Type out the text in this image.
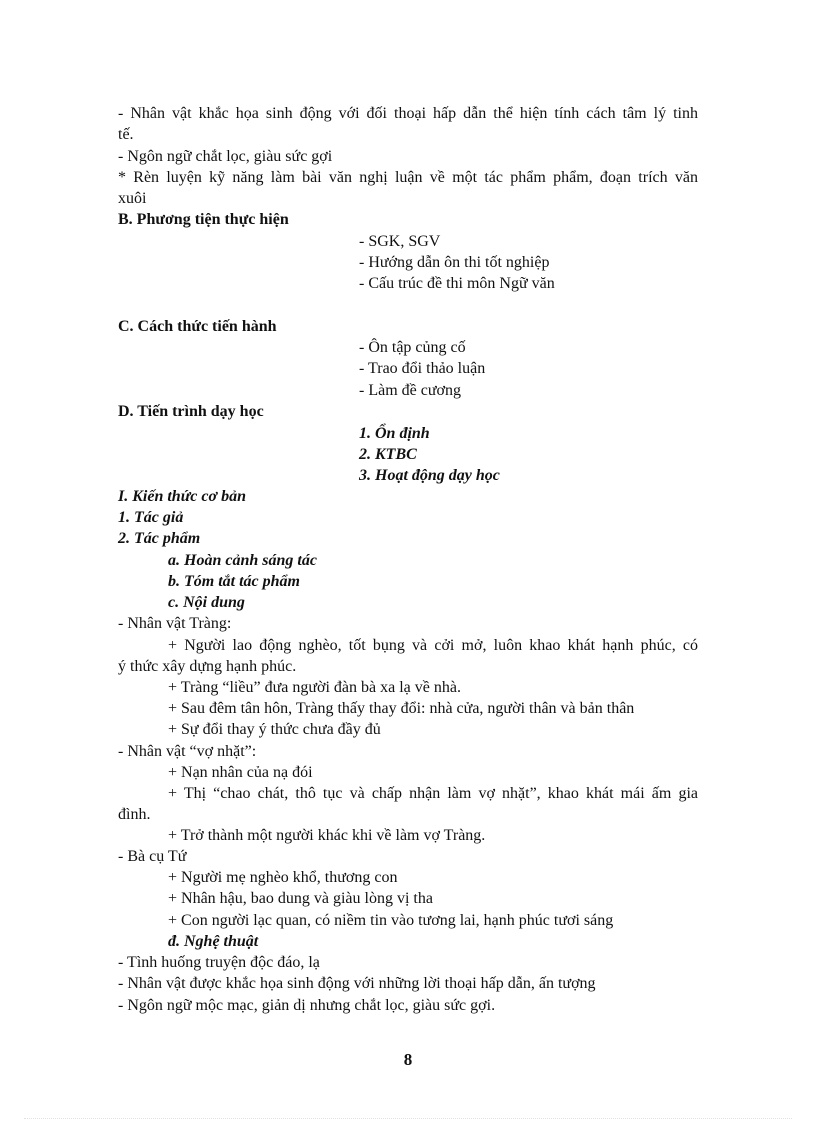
- Nhân vật khắc họa sinh động với đối thoại hấp dẫn thể hiện tính cách tâm lý tinh
tế.
- Ngôn ngữ chắt lọc, giàu sức gợi
* Rèn luyện kỹ năng làm bài văn nghị luận về một tác phẩm phẩm, đoạn trích văn
xuôi
B. Phương tiện thực hiện
- SGK, SGV
- Hướng dẫn ôn thi tốt nghiệp
- Cấu trúc đề thi môn Ngữ văn
C. Cách thức tiến hành
- Ôn tập củng cố
- Trao đổi thảo luận
- Làm đề cương
D. Tiến trình dạy học
1. Ổn định
2. KTBC
3. Hoạt động dạy học
I. Kiến thức cơ bản
1. Tác giả
2. Tác phẩm
a. Hoàn cảnh sáng tác
b. Tóm tắt tác phẩm
c. Nội dung
- Nhân vật Tràng:
+ Người lao động nghèo, tốt bụng và cởi mở, luôn khao khát hạnh phúc, có
ý thức xây dựng hạnh phúc.
+ Tràng “liều” đưa người đàn bà xa lạ về nhà.
+ Sau đêm tân hôn, Tràng thấy thay đổi: nhà cửa, người thân và bản thân
+ Sự đổi thay ý thức chưa đầy đủ
- Nhân vật “vợ nhặt”:
+ Nạn nhân của nạ đói
+ Thị “chao chát, thô tục và chấp nhận làm vợ nhặt”, khao khát mái ấm gia
đình.
+ Trở thành một người khác khi về làm vợ Tràng.
- Bà cụ Tứ
+ Người mẹ nghèo khổ, thương con
+ Nhân hậu, bao dung và giàu lòng vị tha
+ Con người lạc quan, có niềm tin vào tương lai, hạnh phúc tươi sáng
đ. Nghệ thuật
- Tình huống truyện độc đáo, lạ
- Nhân vật được khắc họa sinh động với những lời thoại hấp dẫn, ấn tượng
- Ngôn ngữ mộc mạc, giản dị nhưng chắt lọc, giàu sức gợi.
8
